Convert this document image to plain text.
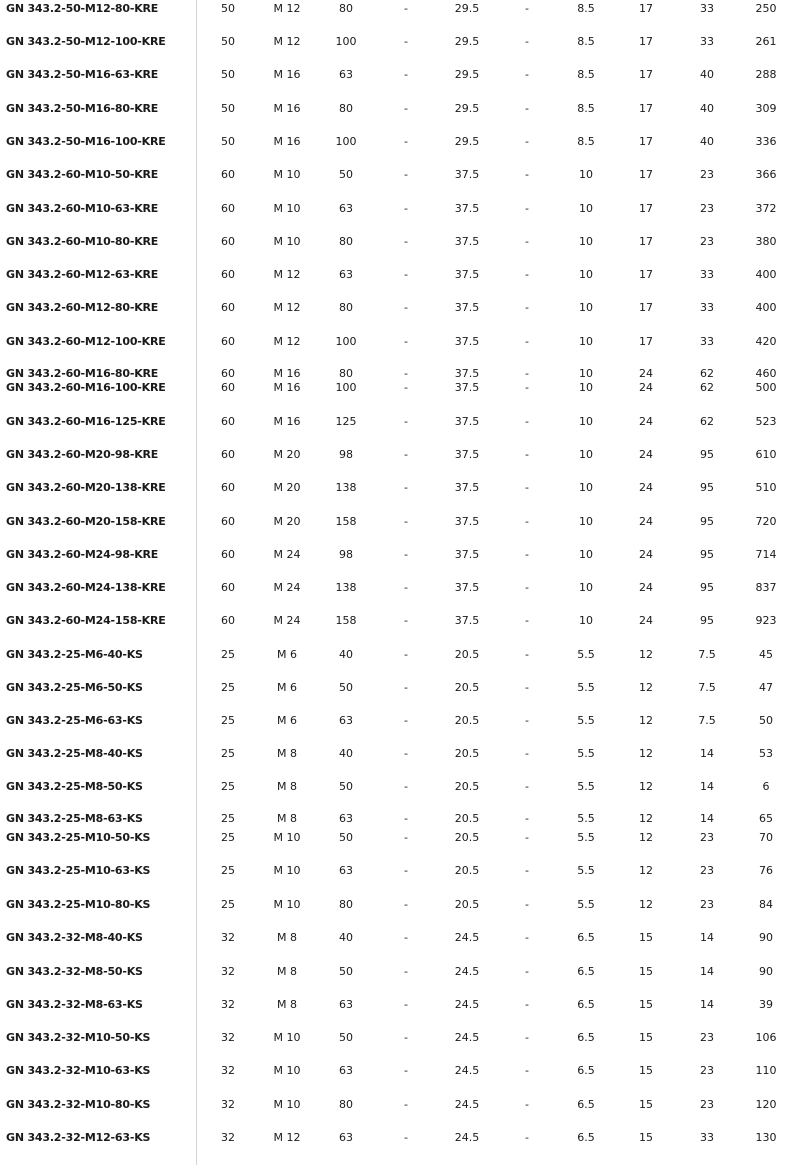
GN 343.2-50-M12-80-KRE	50	M 12	80	-	29.5	-	8.5	17	33	250
GN 343.2-50-M12-100-KRE	50	M 12	100	-	29.5	-	8.5	17	33	261
GN 343.2-50-M16-63-KRE	50	M 16	63	-	29.5	-	8.5	17	40	288
GN 343.2-50-M16-80-KRE	50	M 16	80	-	29.5	-	8.5	17	40	309
GN 343.2-50-M16-100-KRE	50	M 16	100	-	29.5	-	8.5	17	40	336
GN 343.2-60-M10-50-KRE	60	M 10	50	-	37.5	-	10	17	23	366
GN 343.2-60-M10-63-KRE	60	M 10	63	-	37.5	-	10	17	23	372
GN 343.2-60-M10-80-KRE	60	M 10	80	-	37.5	-	10	17	23	380
GN 343.2-60-M12-63-KRE	60	M 12	63	-	37.5	-	10	17	33	400
GN 343.2-60-M12-80-KRE	60	M 12	80	-	37.5	-	10	17	33	400
GN 343.2-60-M12-100-KRE	60	M 12	100	-	37.5	-	10	17	33	420
GN 343.2-60-M16-80-KRE	60	M 16	80	-	37.5	-	10	24	62	460
GN 343.2-60-M16-100-KRE	60	M 16	100	-	37.5	-	10	24	62	500
GN 343.2-60-M16-125-KRE	60	M 16	125	-	37.5	-	10	24	62	523
GN 343.2-60-M20-98-KRE	60	M 20	98	-	37.5	-	10	24	95	610
GN 343.2-60-M20-138-KRE	60	M 20	138	-	37.5	-	10	24	95	510
GN 343.2-60-M20-158-KRE	60	M 20	158	-	37.5	-	10	24	95	720
GN 343.2-60-M24-98-KRE	60	M 24	98	-	37.5	-	10	24	95	714
GN 343.2-60-M24-138-KRE	60	M 24	138	-	37.5	-	10	24	95	837
GN 343.2-60-M24-158-KRE	60	M 24	158	-	37.5	-	10	24	95	923
GN 343.2-25-M6-40-KS	25	M 6	40	-	20.5	-	5.5	12	7.5	45
GN 343.2-25-M6-50-KS	25	M 6	50	-	20.5	-	5.5	12	7.5	47
GN 343.2-25-M6-63-KS	25	M 6	63	-	20.5	-	5.5	12	7.5	50
GN 343.2-25-M8-40-KS	25	M 8	40	-	20.5	-	5.5	12	14	53
GN 343.2-25-M8-50-KS	25	M 8	50	-	20.5	-	5.5	12	14	6
GN 343.2-25-M8-63-KS	25	M 8	63	-	20.5	-	5.5	12	14	65
GN 343.2-25-M10-50-KS	25	M 10	50	-	20.5	-	5.5	12	23	70
GN 343.2-25-M10-63-KS	25	M 10	63	-	20.5	-	5.5	12	23	76
GN 343.2-25-M10-80-KS	25	M 10	80	-	20.5	-	5.5	12	23	84
GN 343.2-32-M8-40-KS	32	M 8	40	-	24.5	-	6.5	15	14	90
GN 343.2-32-M8-50-KS	32	M 8	50	-	24.5	-	6.5	15	14	90
GN 343.2-32-M8-63-KS	32	M 8	63	-	24.5	-	6.5	15	14	39
GN 343.2-32-M10-50-KS	32	M 10	50	-	24.5	-	6.5	15	23	106
GN 343.2-32-M10-63-KS	32	M 10	63	-	24.5	-	6.5	15	23	110
GN 343.2-32-M10-80-KS	32	M 10	80	-	24.5	-	6.5	15	23	120
GN 343.2-32-M12-63-KS	32	M 12	63	-	24.5	-	6.5	15	33	130
